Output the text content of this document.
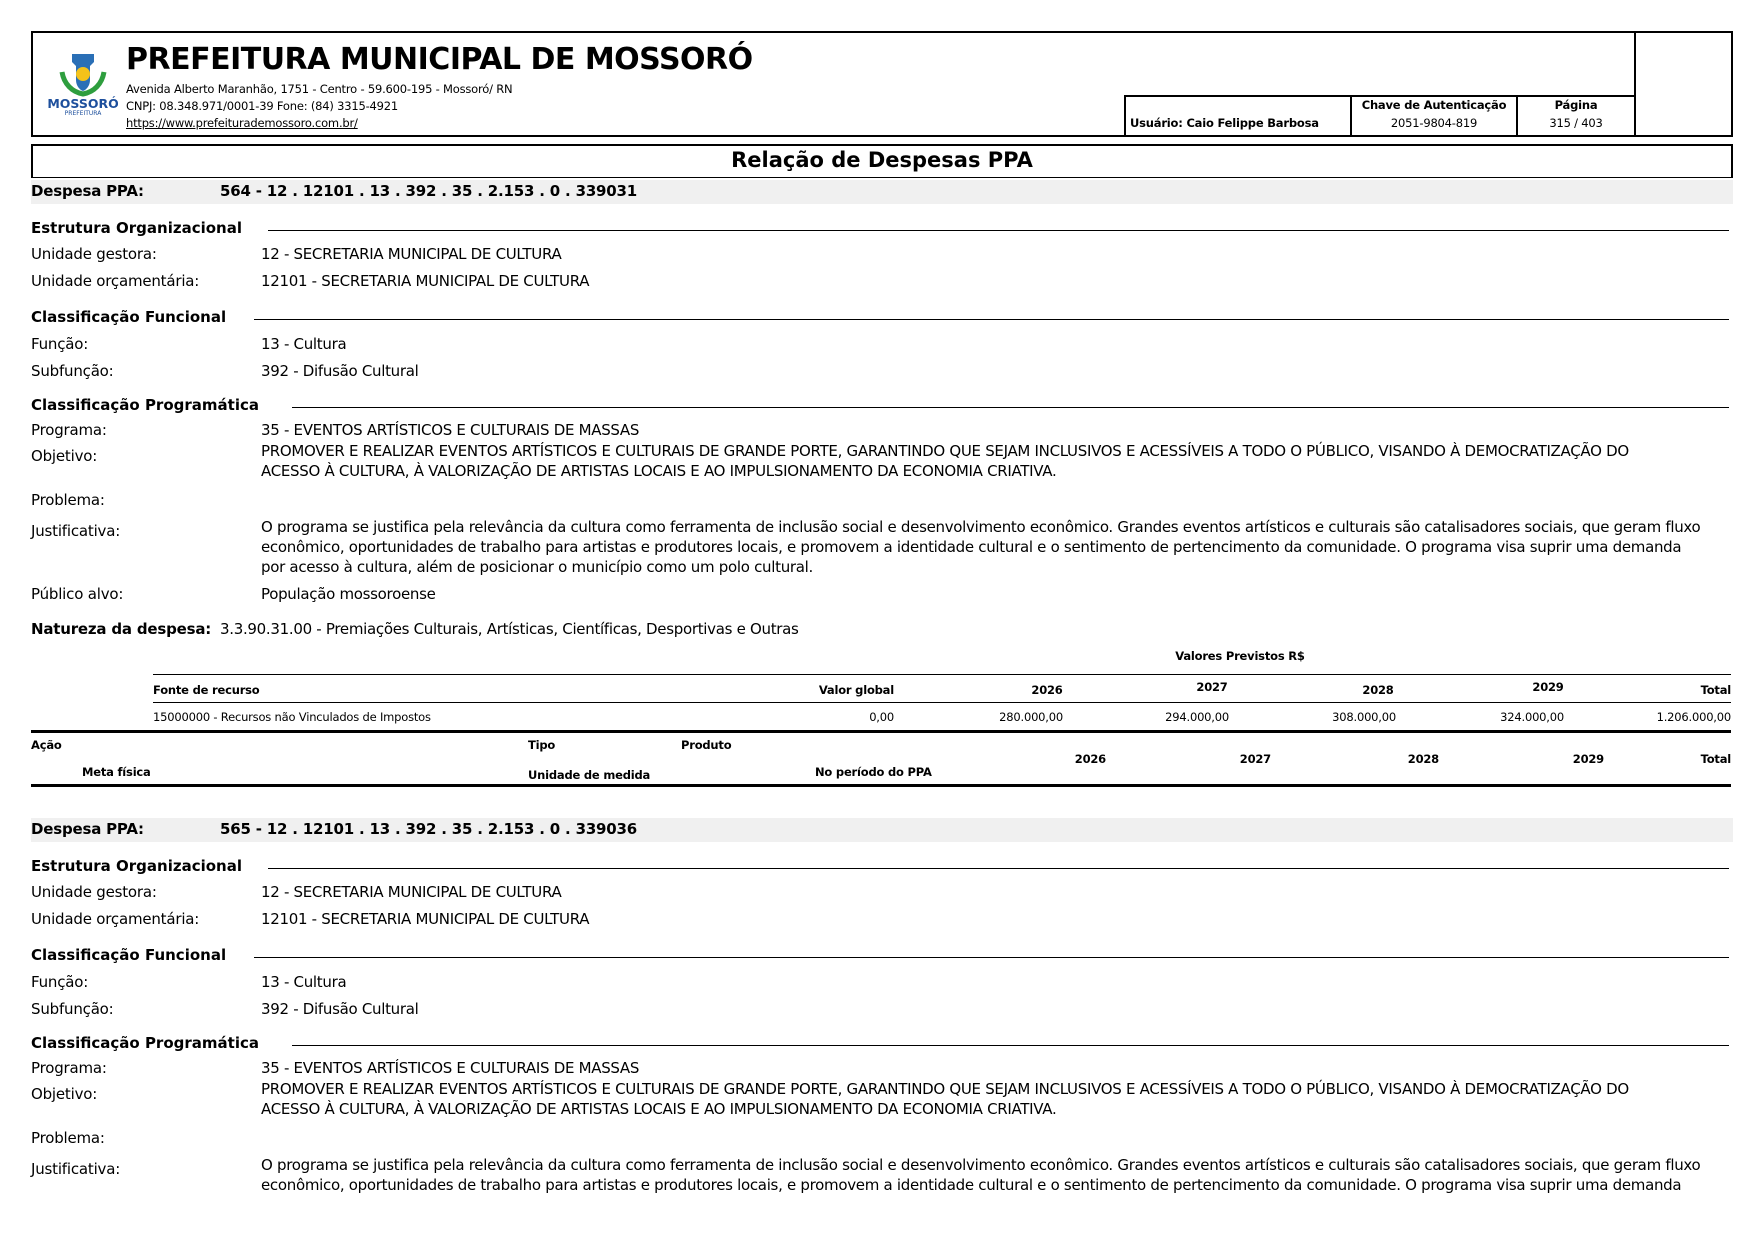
MOSSORÓ
PREFEITURA
PREFEITURA MUNICIPAL DE MOSSORÓ
Avenida Alberto Maranhão, 1751 - Centro - 59.600-195 - Mossoró/ RN
CNPJ: 08.348.971/0001-39 Fone: (84) 3315-4921
https://www.prefeiturademossoro.com.br/	Usuário: Caio Felippe Barbosa
Chave de Autenticação
2051-9804-819
Página
315 / 403
Relação de Despesas PPA
Despesa PPA:	564 - 12 . 12101 . 13 . 392 . 35 . 2.153 . 0 . 339031
Estrutura Organizacional
Unidade gestora:	12 - SECRETARIA MUNICIPAL DE CULTURA
Unidade orçamentária:	12101 - SECRETARIA MUNICIPAL DE CULTURA
Classificação Funcional
Função:	13 - Cultura
Subfunção:	392 - Difusão Cultural
Classificação Programática
Programa:	35 - EVENTOS ARTÍSTICOS E CULTURAIS DE MASSAS
Objetivo:	PROMOVER E REALIZAR EVENTOS ARTÍSTICOS E CULTURAIS DE GRANDE PORTE, GARANTINDO QUE SEJAM INCLUSIVOS E ACESSÍVEIS A TODO O PÚBLICO, VISANDO À DEMOCRATIZAÇÃO DO
ACESSO À CULTURA, À VALORIZAÇÃO DE ARTISTAS LOCAIS E AO IMPULSIONAMENTO DA ECONOMIA CRIATIVA.
Problema:
Justificativa:	O programa se justifica pela relevância da cultura como ferramenta de inclusão social e desenvolvimento econômico. Grandes eventos artísticos e culturais são catalisadores sociais, que geram fluxo
econômico, oportunidades de trabalho para artistas e produtores locais, e promovem a identidade cultural e o sentimento de pertencimento da comunidade. O programa visa suprir uma demanda
por acesso à cultura, além de posicionar o município como um polo cultural.
Público alvo:	População mossoroense
Natureza da despesa: 3.3.90.31.00 - Premiações Culturais, Artísticas, Científicas, Desportivas e Outras
Valores Previstos R$
Fonte de recurso	Valor global	2026	2027	2028	2029	Total
15000000 - Recursos não Vinculados de Impostos	0,00	280.000,00	294.000,00	308.000,00	324.000,00	1.206.000,00
Ação	Tipo	Produto
Meta física	Unidade de medida	No período do PPA
2026	2027	2028	2029	Total
Despesa PPA:	565 - 12 . 12101 . 13 . 392 . 35 . 2.153 . 0 . 339036
Estrutura Organizacional
Unidade gestora:	12 - SECRETARIA MUNICIPAL DE CULTURA
Unidade orçamentária:	12101 - SECRETARIA MUNICIPAL DE CULTURA
Classificação Funcional
Função:	13 - Cultura
Subfunção:	392 - Difusão Cultural
Classificação Programática
Programa:	35 - EVENTOS ARTÍSTICOS E CULTURAIS DE MASSAS
Objetivo:	PROMOVER E REALIZAR EVENTOS ARTÍSTICOS E CULTURAIS DE GRANDE PORTE, GARANTINDO QUE SEJAM INCLUSIVOS E ACESSÍVEIS A TODO O PÚBLICO, VISANDO À DEMOCRATIZAÇÃO DO
ACESSO À CULTURA, À VALORIZAÇÃO DE ARTISTAS LOCAIS E AO IMPULSIONAMENTO DA ECONOMIA CRIATIVA.
Problema:
Justificativa:	O programa se justifica pela relevância da cultura como ferramenta de inclusão social e desenvolvimento econômico. Grandes eventos artísticos e culturais são catalisadores sociais, que geram fluxo
econômico, oportunidades de trabalho para artistas e produtores locais, e promovem a identidade cultural e o sentimento de pertencimento da comunidade. O programa visa suprir uma demanda
